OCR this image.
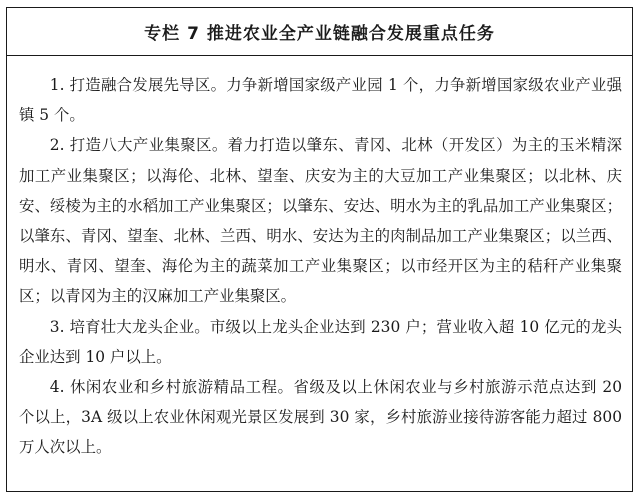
专栏 7 推进农业全产业链融合发展重点任务

1. 打造融合发展先导区。力争新增国家级产业园 1 个，力争新增国家级农业产业强镇 5 个。

2. 打造八大产业集聚区。着力打造以肇东、青冈、北林（开发区）为主的玉米精深加工产业集聚区；以海伦、北林、望奎、庆安为主的大豆加工产业集聚区；以北林、庆安、绥棱为主的水稻加工产业集聚区；以肇东、安达、明水为主的乳品加工产业集聚区；以肇东、青冈、望奎、北林、兰西、明水、安达为主的肉制品加工产业集聚区；以兰西、明水、青冈、望奎、海伦为主的蔬菜加工产业集聚区；以市经开区为主的秸秆产业集聚区；以青冈为主的汉麻加工产业集聚区。

3. 培育壮大龙头企业。市级以上龙头企业达到 230 户；营业收入超 10 亿元的龙头企业达到 10 户以上。

4. 休闲农业和乡村旅游精品工程。省级及以上休闲农业与乡村旅游示范点达到 20 个以上，3A 级以上农业休闲观光景区发展到 30 家，乡村旅游业接待游客能力超过 800 万人次以上。
